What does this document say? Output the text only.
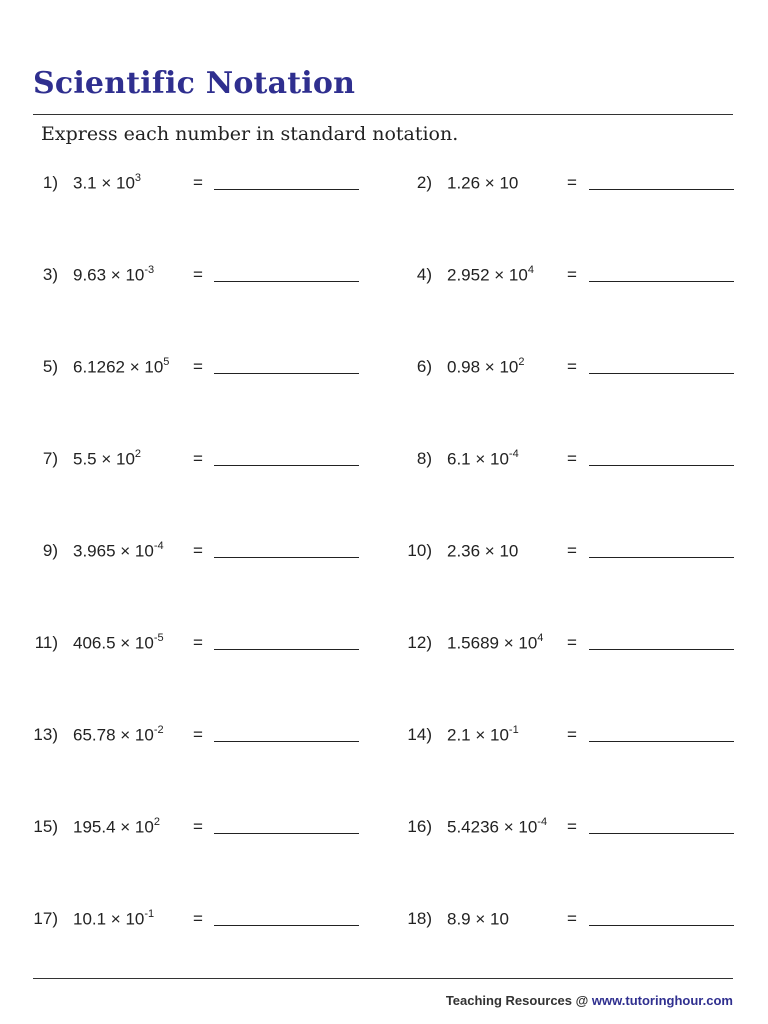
Scientific Notation
Express each number in standard notation.
1) $3.1 \times 10^3$	=	2) 1.26 × 10	=
3) $9.63 \times 10^{-3}$ =	4) $2.952 \times 10^4$ =
5) $6.1262 \times 10^5$ =	6) $0.98 \times 10^2$	=
7) $5.5 \times 10^2$	=	8) $6.1 \times 10^{-4}$	=
9) $3.965 \times 10^{-4}$ =	10) 2.36 × 10	=
11) $406.5 \times 10^{-5}$ =	12) $1.5689 \times 10^4$ =
13) $65.78 \times 10^{-2}$ =	14) $2.1 \times 10^{-1}$	=
15) $195.4 \times 10^2$ =	16) $5.4236 \times 10^{-4}$ =
17) $10.1 \times 10^{-1}$ =	18) 8.9 × 10	=
Teaching Resources @ www.tutoringhour.com
